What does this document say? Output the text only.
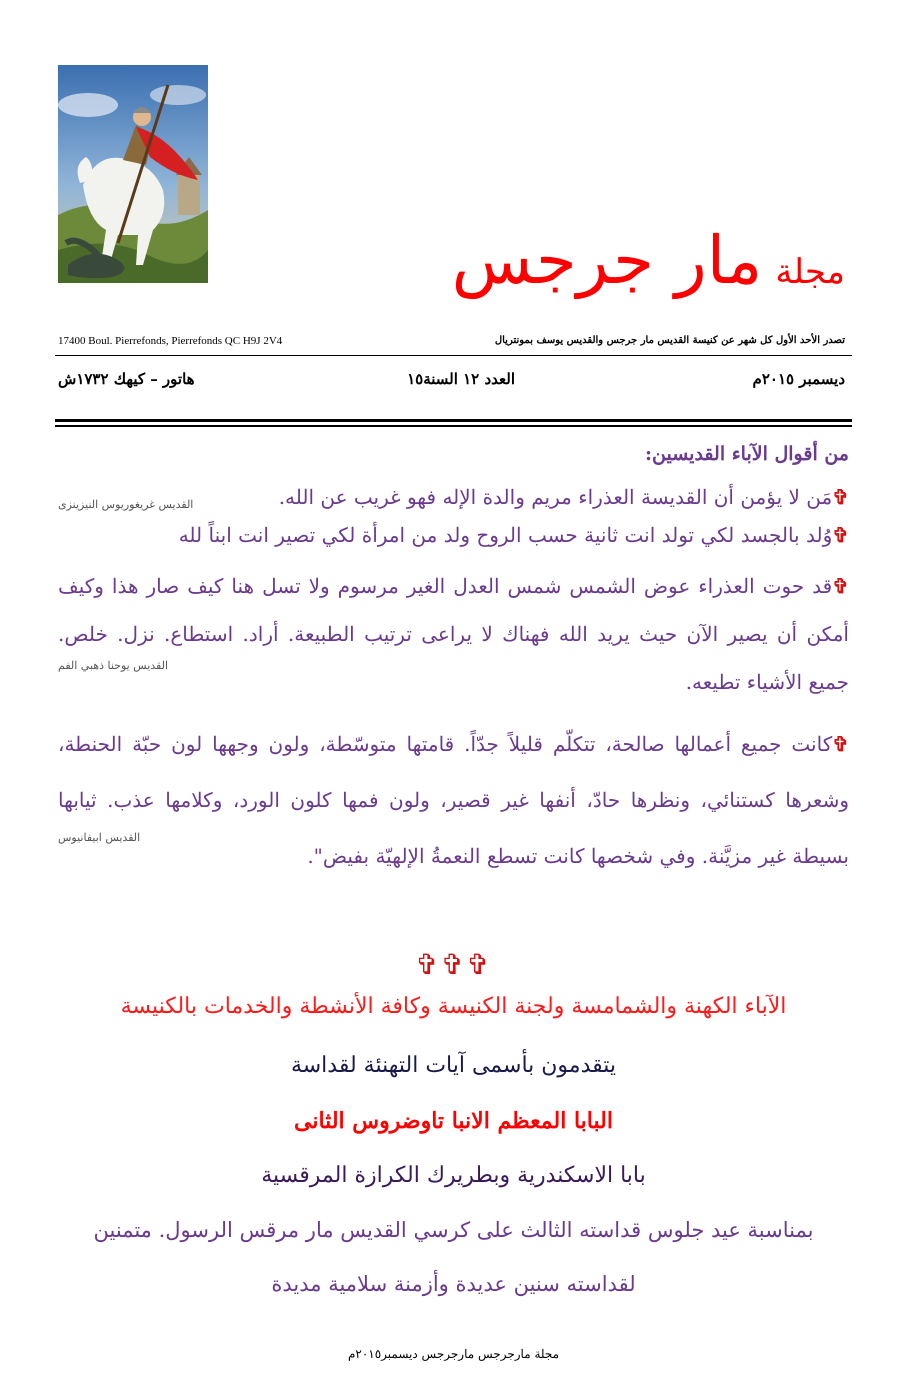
مجلة مار جرجس
17400 Boul. Pierrefonds, Pierrefonds QC H9J 2V4	تصدر الأحد الأول كل شهر عن كنيسة القديس مار جرجس والقديس يوسف بمونتريال
ديسمبر ٢٠١٥م
العدد ١٢ السنة١٥
هاتور – كيهك ١٧٣٢ش
من أقوال الآباء القديسين:
✞مَن لا يؤمن أن القديسة العذراء مريم والدة الإله فهو غريب عن الله.
القديس غريغوريوس النيزينزى
✞وُلد بالجسد لكي تولد انت ثانية حسب الروح ولد من امرأة لكي تصير انت ابناً لله
✞قد حوت العذراء عوض الشمس شمس العدل الغير مرسوم ولا تسل هنا كيف صار هذا وكيف أمكن أن يصير الآن حيث يريد الله فهناك لا يراعى ترتيب الطبيعة. أراد. استطاع. نزل. خلص. جميع الأشياء تطيعه.
القديس يوحنا ذهبي الفم
✞كانت جميع أعمالها صالحة، تتكلّم قليلاً جدّاً. قامتها متوسّطة، ولون وجهها لون حبّة الحنطة، وشعرها كستنائي، ونظرها حادّ، أنفها غير قصير، ولون فمها كلون الورد، وكلامها عذب. ثيابها بسيطة غير مزيَّنة. وفي شخصها كانت تسطع النعمةُ الإلهيّة بفيض".
القديس ابيفانيوس
✞✞✞
الآباء الكهنة والشمامسة ولجنة الكنيسة وكافة الأنشطة والخدمات بالكنيسة
يتقدمون بأسمى آيات التهنئة لقداسة
البابا المعظم الانبا تاوضروس الثانى
بابا الاسكندرية وبطريرك الكرازة المرقسية
بمناسبة عيد جلوس قداسته الثالث على كرسي القديس مار مرقس الرسول. متمنين
لقداسته سنين عديدة وأزمنة سلامية مديدة
مجلة مارجرجس مارجرجس ديسمبر٢٠١٥م
